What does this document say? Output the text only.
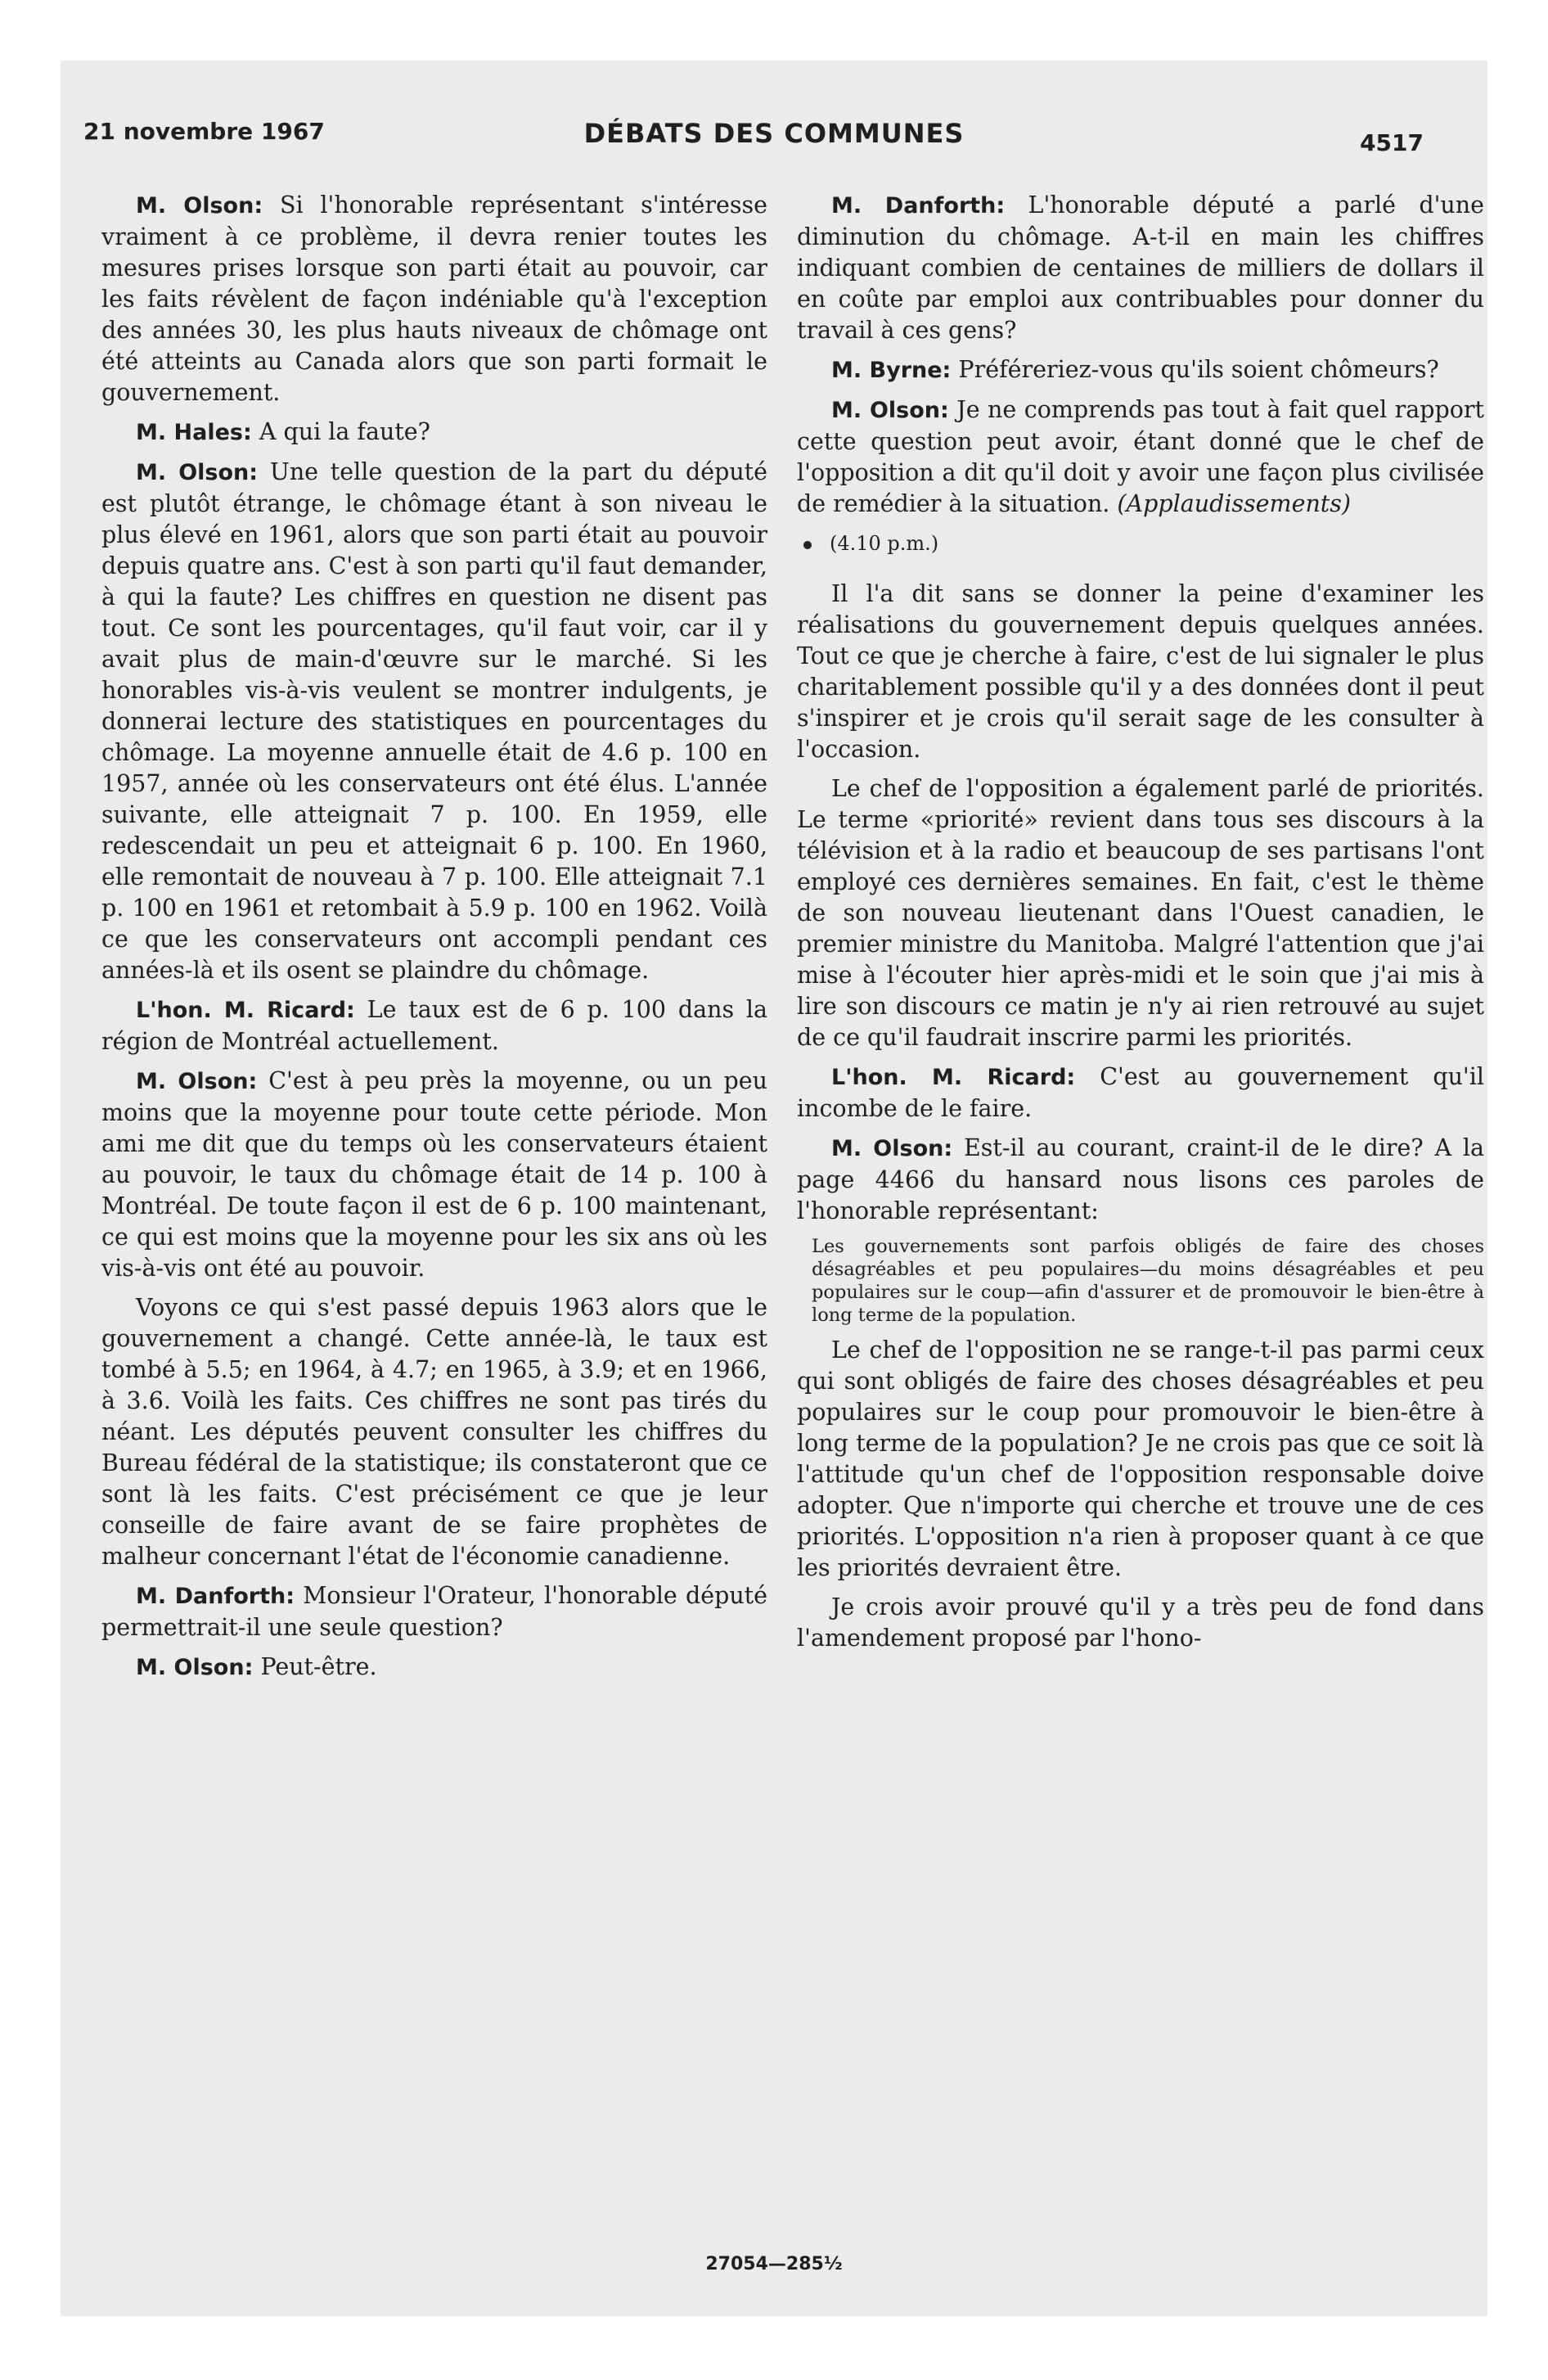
21 novembre 1967	DÉBATS DES COMMUNES	4517

M. Olson: Si l'honorable représentant s'intéresse vraiment à ce problème, il devra renier toutes les mesures prises lorsque son parti était au pouvoir, car les faits révèlent de façon indéniable qu'à l'exception des années 30, les plus hauts niveaux de chômage ont été atteints au Canada alors que son parti formait le gouvernement.

M. Hales: A qui la faute?

M. Olson: Une telle question de la part du député est plutôt étrange, le chômage étant à son niveau le plus élevé en 1961, alors que son parti était au pouvoir depuis quatre ans. C'est à son parti qu'il faut demander, à qui la faute? Les chiffres en question ne disent pas tout. Ce sont les pourcentages, qu'il faut voir, car il y avait plus de main-d'œuvre sur le marché. Si les honorables vis-à-vis veulent se montrer indulgents, je donnerai lecture des statistiques en pourcentages du chômage. La moyenne annuelle était de 4.6 p. 100 en 1957, année où les conservateurs ont été élus. L'année suivante, elle atteignait 7 p. 100. En 1959, elle redescendait un peu et atteignait 6 p. 100. En 1960, elle remontait de nouveau à 7 p. 100. Elle atteignait 7.1 p. 100 en 1961 et retombait à 5.9 p. 100 en 1962. Voilà ce que les conservateurs ont accompli pendant ces années-là et ils osent se plaindre du chômage.

L'hon. M. Ricard: Le taux est de 6 p. 100 dans la région de Montréal actuellement.

M. Olson: C'est à peu près la moyenne, ou un peu moins que la moyenne pour toute cette période. Mon ami me dit que du temps où les conservateurs étaient au pouvoir, le taux du chômage était de 14 p. 100 à Montréal. De toute façon il est de 6 p. 100 maintenant, ce qui est moins que la moyenne pour les six ans où les vis-à-vis ont été au pouvoir.

Voyons ce qui s'est passé depuis 1963 alors que le gouvernement a changé. Cette année-là, le taux est tombé à 5.5; en 1964, à 4.7; en 1965, à 3.9; et en 1966, à 3.6. Voilà les faits. Ces chiffres ne sont pas tirés du néant. Les députés peuvent consulter les chiffres du Bureau fédéral de la statistique; ils constateront que ce sont là les faits. C'est précisément ce que je leur conseille de faire avant de se faire prophètes de malheur concernant l'état de l'économie canadienne.

M. Danforth: Monsieur l'Orateur, l'honorable député permettrait-il une seule question?

M. Olson: Peut-être.

M. Danforth: L'honorable député a parlé d'une diminution du chômage. A-t-il en main les chiffres indiquant combien de centaines de milliers de dollars il en coûte par emploi aux contribuables pour donner du travail à ces gens?

M. Byrne: Préféreriez-vous qu'ils soient chômeurs?

M. Olson: Je ne comprends pas tout à fait quel rapport cette question peut avoir, étant donné que le chef de l'opposition a dit qu'il doit y avoir une façon plus civilisée de remédier à la situation. (Applaudissements)

(4.10 p.m.)

Il l'a dit sans se donner la peine d'examiner les réalisations du gouvernement depuis quelques années. Tout ce que je cherche à faire, c'est de lui signaler le plus charitablement possible qu'il y a des données dont il peut s'inspirer et je crois qu'il serait sage de les consulter à l'occasion.

Le chef de l'opposition a également parlé de priorités. Le terme «priorité» revient dans tous ses discours à la télévision et à la radio et beaucoup de ses partisans l'ont employé ces dernières semaines. En fait, c'est le thème de son nouveau lieutenant dans l'Ouest canadien, le premier ministre du Manitoba. Malgré l'attention que j'ai mise à l'écouter hier après-midi et le soin que j'ai mis à lire son discours ce matin je n'y ai rien retrouvé au sujet de ce qu'il faudrait inscrire parmi les priorités.

L'hon. M. Ricard: C'est au gouvernement qu'il incombe de le faire.

M. Olson: Est-il au courant, craint-il de le dire? A la page 4466 du hansard nous lisons ces paroles de l'honorable représentant:

Les gouvernements sont parfois obligés de faire des choses désagréables et peu populaires—du moins désagréables et peu populaires sur le coup—afin d'assurer et de promouvoir le bien-être à long terme de la population.

Le chef de l'opposition ne se range-t-il pas parmi ceux qui sont obligés de faire des choses désagréables et peu populaires sur le coup pour promouvoir le bien-être à long terme de la population? Je ne crois pas que ce soit là l'attitude qu'un chef de l'opposition responsable doive adopter. Que n'importe qui cherche et trouve une de ces priorités. L'opposition n'a rien à proposer quant à ce que les priorités devraient être.

Je crois avoir prouvé qu'il y a très peu de fond dans l'amendement proposé par l'hono-

27054—285½
